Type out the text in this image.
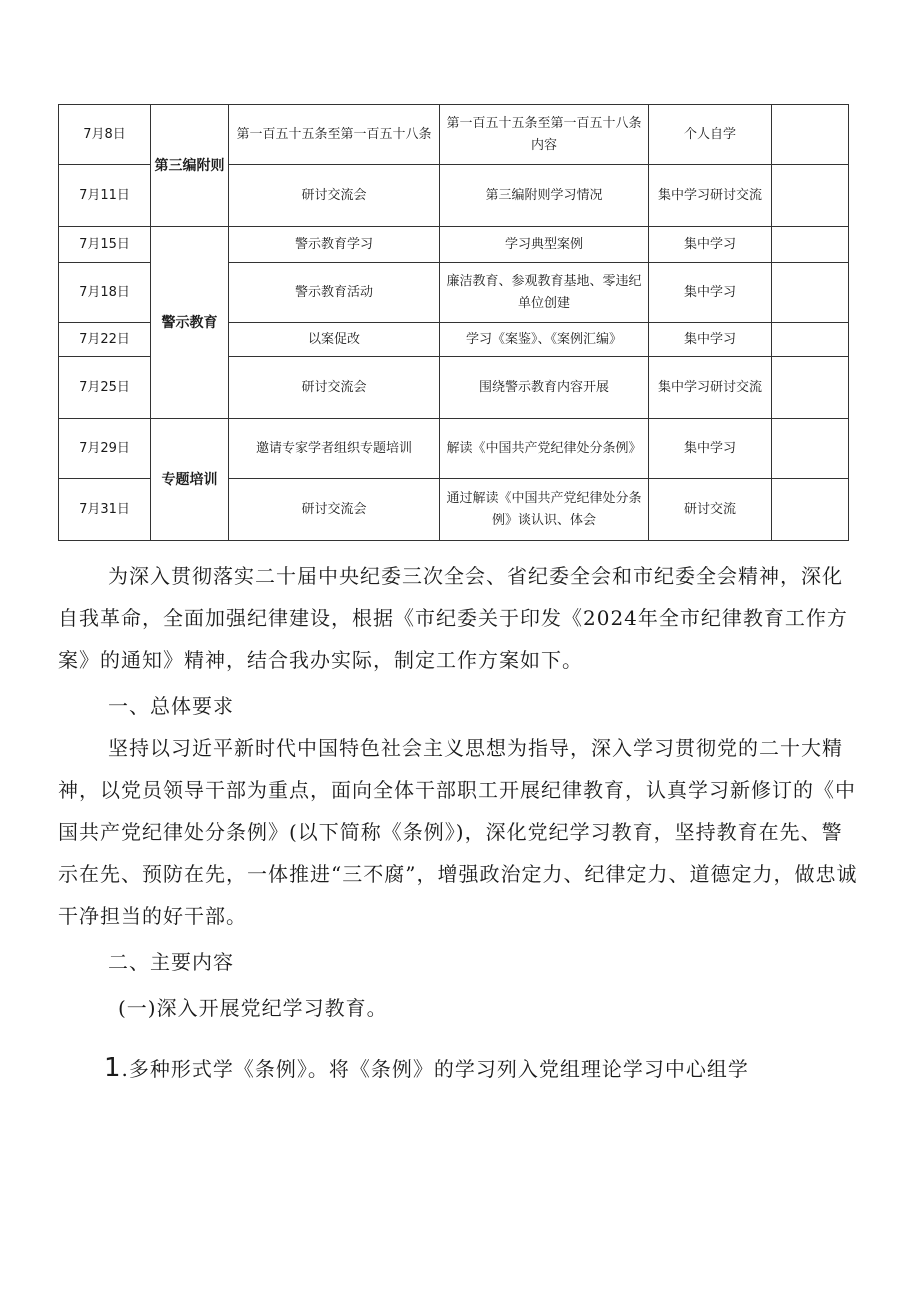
7月8日	第三编附则	第一百五十五条至第一百五十八条	第一百五十五条至第一百五十八条内容	个人自学	
7月11日		研讨交流会	第三编附则学习情况	集中学习研讨交流	
7月15日	警示教育	警示教育学习	学习典型案例	集中学习	
7月18日		警示教育活动	廉洁教育、参观教育基地、零违纪单位创建	集中学习	
7月22日		以案促改	学习《案鉴》、《案例汇编》	集中学习	
7月25日		研讨交流会	围绕警示教育内容开展	集中学习研讨交流	
7月29日	专题培训	邀请专家学者组织专题培训	解读《中国共产党纪律处分条例》	集中学习	
7月31日		研讨交流会	通过解读《中国共产党纪律处分条例》谈认识、体会	研讨交流	

为深入贯彻落实二十届中央纪委三次全会、省纪委全会和市纪委全会精神，深化自我革命，全面加强纪律建设，根据《市纪委关于印发《2024年全市纪律教育工作方案》的通知》精神，结合我办实际，制定工作方案如下。

一、总体要求

坚持以习近平新时代中国特色社会主义思想为指导，深入学习贯彻党的二十大精神，以党员领导干部为重点，面向全体干部职工开展纪律教育，认真学习新修订的《中国共产党纪律处分条例》(以下简称《条例》)，深化党纪学习教育，坚持教育在先、警示在先、预防在先，一体推进“三不腐”，增强政治定力、纪律定力、道德定力，做忠诚干净担当的好干部。

二、主要内容

(一)深入开展党纪学习教育。

1.多种形式学《条例》。将《条例》的学习列入党组理论学习中心组学
